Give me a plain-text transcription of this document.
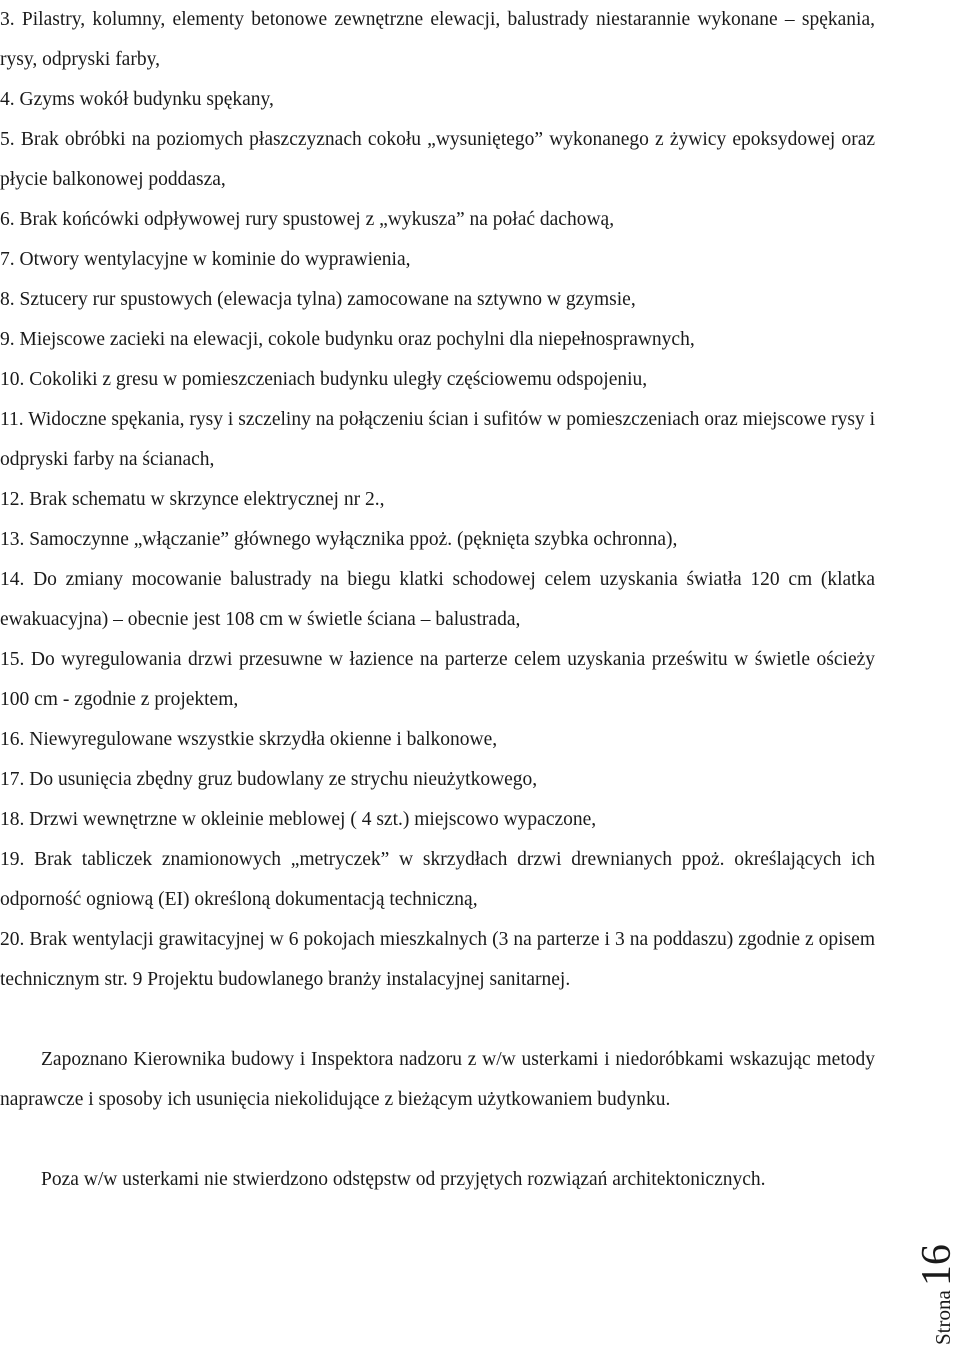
3. Pilastry, kolumny, elementy betonowe zewnętrzne elewacji, balustrady niestarannie wykonane – spękania, rysy, odpryski farby,
4. Gzyms wokół budynku spękany,
5. Brak obróbki na poziomych płaszczyznach cokołu „wysuniętego” wykonanego z żywicy epoksydowej oraz płycie balkonowej poddasza,
6. Brak końcówki odpływowej rury spustowej z „wykusza” na połać dachową,
7. Otwory wentylacyjne w kominie do wyprawienia,
8. Sztucery rur spustowych (elewacja tylna) zamocowane na sztywno w gzymsie,
9. Miejscowe zacieki na elewacji, cokole budynku oraz pochylni dla niepełnosprawnych,
10. Cokoliki z gresu w pomieszczeniach budynku uległy częściowemu odspojeniu,
11. Widoczne spękania, rysy i szczeliny na połączeniu ścian i sufitów w pomieszczeniach oraz miejscowe rysy i odpryski farby na ścianach,
12. Brak schematu w skrzynce elektrycznej nr 2.,
13. Samoczynne „włączanie” głównego wyłącznika ppoż. (pęknięta szybka ochronna),
14. Do zmiany mocowanie balustrady na biegu klatki schodowej celem uzyskania światła 120 cm (klatka ewakuacyjna) – obecnie jest 108 cm w świetle ściana – balustrada,
15. Do wyregulowania drzwi przesuwne w łazience na parterze celem uzyskania prześwitu w świetle ościeży 100 cm - zgodnie z projektem,
16. Niewyregulowane wszystkie skrzydła okienne i balkonowe,
17. Do usunięcia zbędny gruz budowlany ze strychu nieużytkowego,
18. Drzwi wewnętrzne w okleinie meblowej ( 4 szt.) miejscowo wypaczone,
19. Brak tabliczek znamionowych „metryczek” w skrzydłach drzwi drewnianych ppoż. określających ich odporność ogniową (EI) określoną dokumentacją techniczną,
20. Brak wentylacji grawitacyjnej w 6 pokojach mieszkalnych (3 na parterze i 3 na poddaszu) zgodnie z opisem technicznym str. 9 Projektu budowlanego branży instalacyjnej sanitarnej.
Zapoznano Kierownika budowy i Inspektora nadzoru z w/w usterkami i niedoróbkami wskazując metody naprawcze i sposoby ich usunięcia niekolidujące z bieżącym użytkowaniem budynku.
Poza w/w usterkami nie stwierdzono odstępstw od przyjętych rozwiązań architektonicznych.
Strona
16
